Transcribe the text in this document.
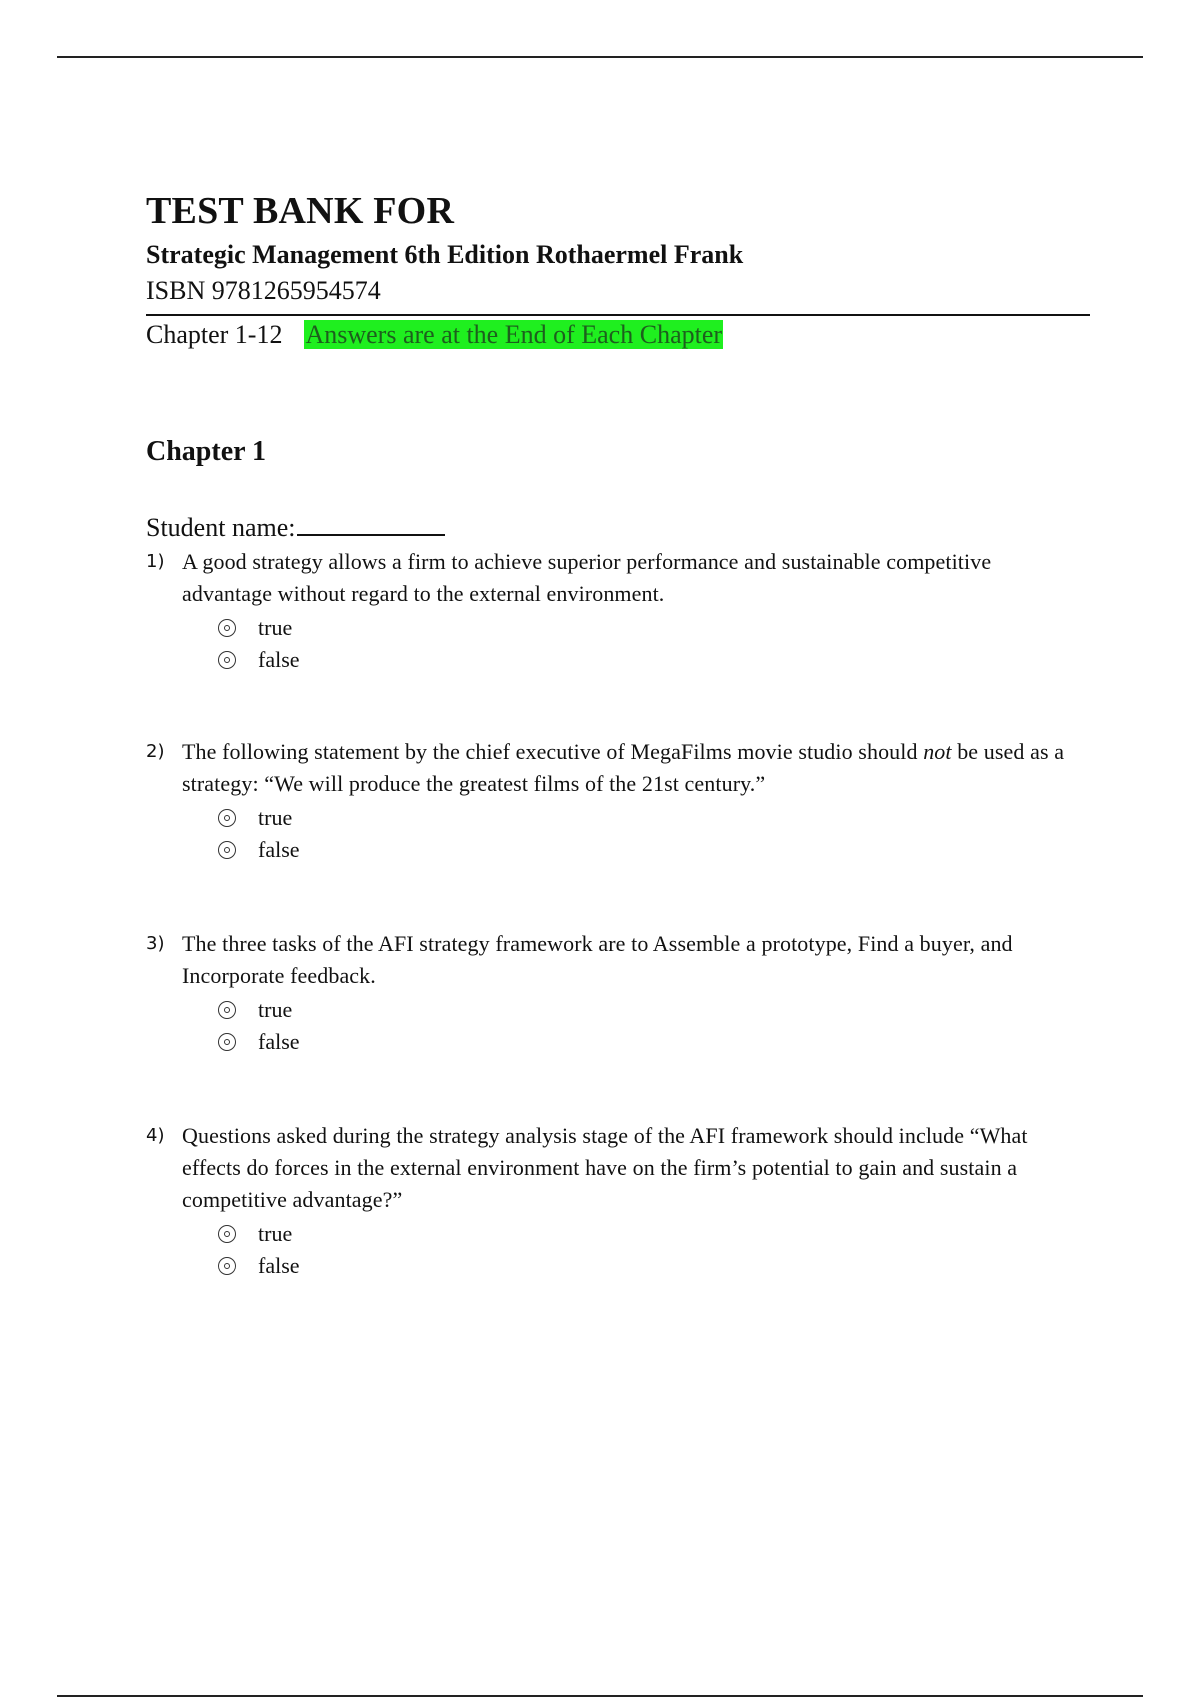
TEST BANK FOR
Strategic Management 6th Edition Rothaermel Frank
ISBN 9781265954574
Chapter 1-12 Answers are at the End of Each Chapter
Chapter 1
Student name:
1) A good strategy allows a firm to achieve superior performance and sustainable competitive advantage without regard to the external environment.
true
false
2) The following statement by the chief executive of MegaFilms movie studio should not be used as a strategy: “We will produce the greatest films of the 21st century.”
true
false
3) The three tasks of the AFI strategy framework are to Assemble a prototype, Find a buyer, and Incorporate feedback.
true
false
4) Questions asked during the strategy analysis stage of the AFI framework should include “What effects do forces in the external environment have on the firm’s potential to gain and sustain a competitive advantage?”
true
false
